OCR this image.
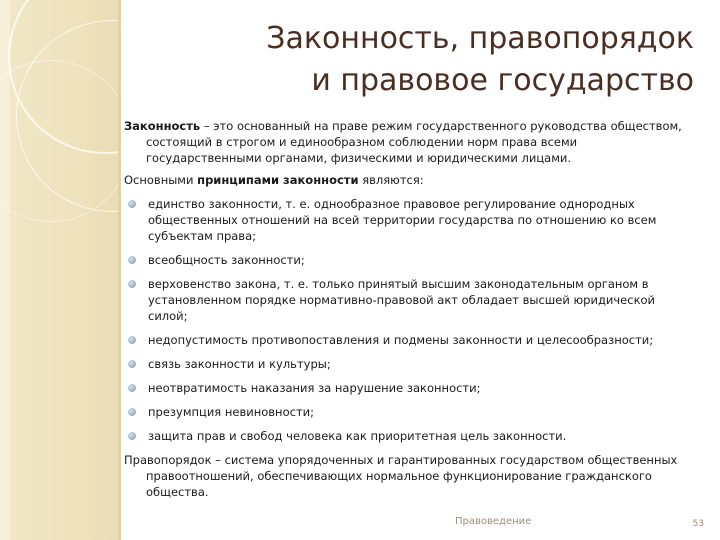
Законность, правопорядок
и правовое государство
Законность – это основанный на праве режим государственного руководства обществом, состоящий в строгом и единообразном соблюдении норм права всеми государственными органами, физическими и юридическими лицами.
Основными принципами законности являются:
единство законности, т. е. однообразное правовое регулирование однородных общественных отношений на всей территории государства по отношению ко всем субъектам права;
всеобщность законности;
верховенство закона, т. е. только принятый высшим законодательным органом в установленном порядке нормативно-правовой акт обладает высшей юридической силой;
недопустимость противопоставления и подмены законности и целесообразности;
связь законности и культуры;
неотвратимость наказания за нарушение законности;
презумпция невиновности;
защита прав и свобод человека как приоритетная цель законности.
Правопорядок – система упорядоченных и гарантированных государством общественных правоотношений, обеспечивающих нормальное функционирование гражданского общества.
Правоведение	53
